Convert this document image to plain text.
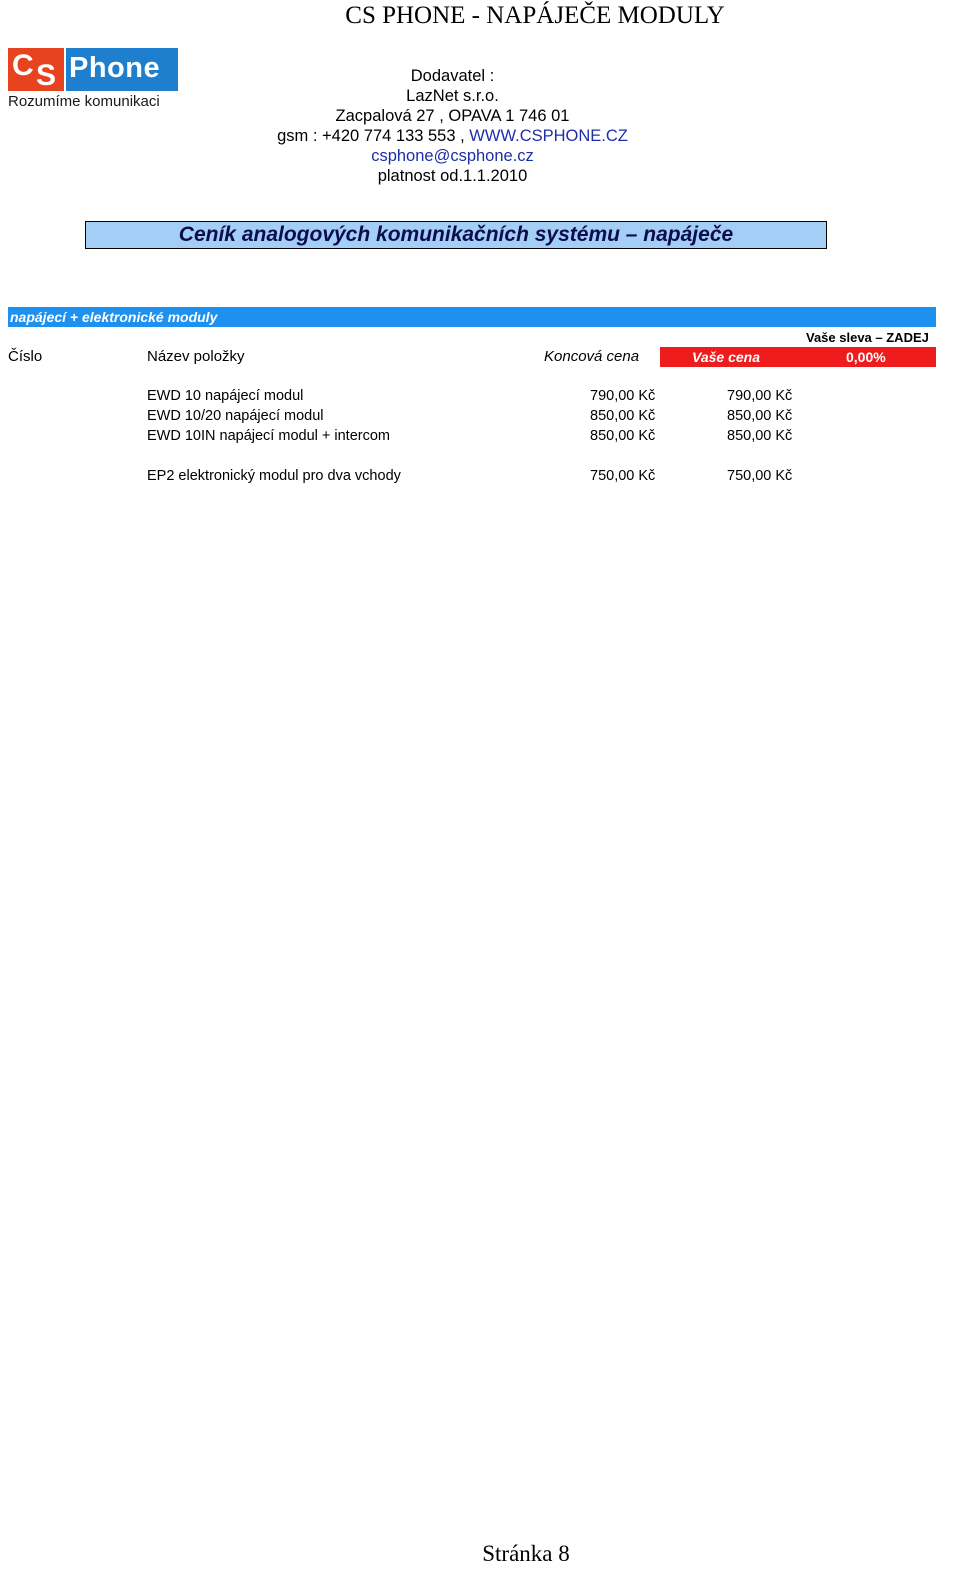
CS PHONE - NAPÁJEČE MODULY
C S Phone
Rozumíme komunikaci
Dodavatel :
LazNet s.r.o.
Zacpalová 27 , OPAVA 1 746 01
gsm : +420 774 133 553 , WWW.CSPHONE.CZ
csphone@csphone.cz
platnost od.1.1.2010
Ceník analogových komunikačních systému – napáječe
napájecí + elektronické moduly
Vaše sleva – ZADEJ
Číslo	Název položky	Koncová cena	Vaše cena	0,00%
EWD 10 napájecí modul	790,00 Kč	790,00 Kč
EWD 10/20 napájecí modul	850,00 Kč	850,00 Kč
EWD 10IN napájecí modul + intercom	850,00 Kč	850,00 Kč
EP2 elektronický modul pro dva vchody	750,00 Kč	750,00 Kč
Stránka 8
